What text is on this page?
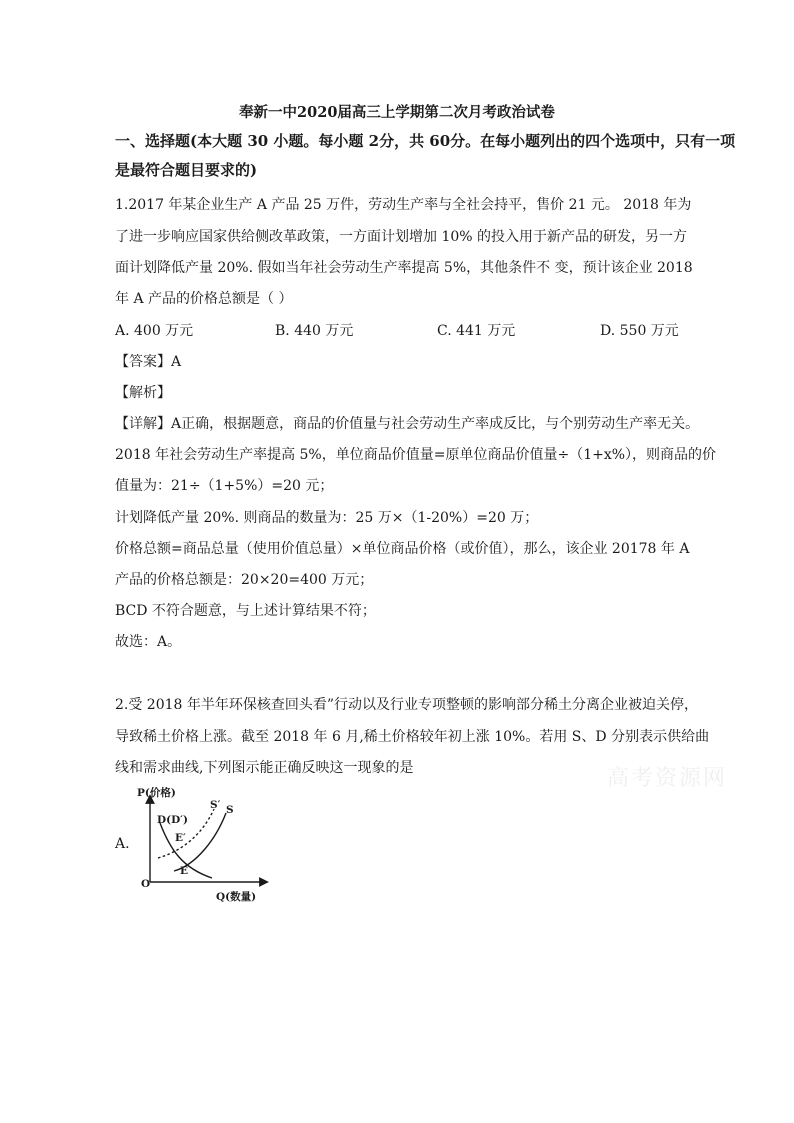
奉新一中2020届高三上学期第二次月考政治试卷
一、选择题(本大题 30 小题。每小题 2分，共 60分。在每小题列出的四个选项中，只有一项
是最符合题目要求的)
1.2017 年某企业生产 A 产品 25 万件，劳动生产率与全社会持平，售价 21 元。 2018 年为
了进一步响应国家供给侧改革政策，一方面计划增加 10% 的投入用于新产品的研发，另一方
面计划降低产量 20%. 假如当年社会劳动生产率提高 5%，其他条件不 变，预计该企业 2018
年 A 产品的价格总额是（ ）
A. 400 万元	B. 440 万元	C. 441 万元	D. 550 万元
【答案】A
【解析】
【详解】A正确，根据题意，商品的价值量与社会劳动生产率成反比，与个别劳动生产率无关。
2018 年社会劳动生产率提高 5%，单位商品价值量=原单位商品价值量÷（1+x%），则商品的价
值量为：21÷（1+5%）=20 元；
计划降低产量 20%. 则商品的数量为：25 万×（1-20%）=20 万；
价格总额=商品总量（使用价值总量）×单位商品价格（或价值），那么，该企业 20178 年 A
产品的价格总额是：20×20=400 万元；
BCD 不符合题意，与上述计算结果不符；
故选：A。
2.受 2018 年半年环保核查回头看”行动以及行业专项整顿的影响部分稀土分离企业被迫关停，
导致稀土价格上涨。截至 2018 年 6 月,稀土价格较年初上涨 10%。若用 S、D 分别表示供给曲
线和需求曲线,下列图示能正确反映这一现象的是	高考资源网
A.
P(价格)
Q(数量)
O
D(D′)
S′ S
E′
E
